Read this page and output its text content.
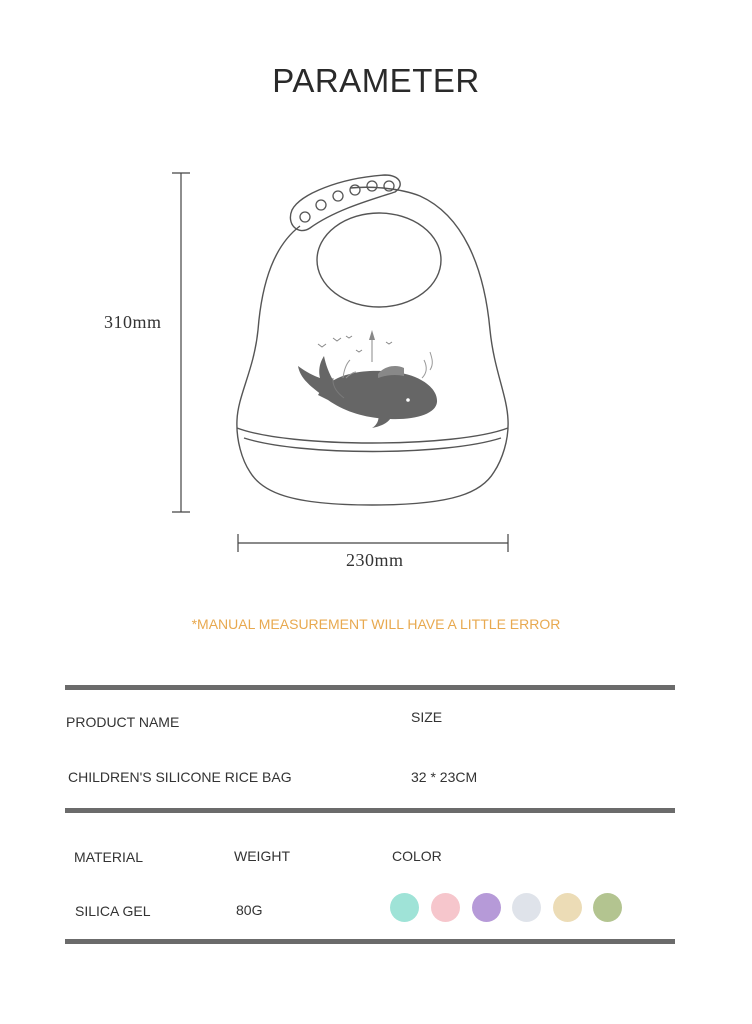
PARAMETER
310mm
230mm
*MANUAL MEASUREMENT WILL HAVE A LITTLE ERROR
PRODUCT NAME	SIZE
CHILDREN'S SILICONE RICE BAG	32 * 23CM
MATERIAL	WEIGHT	COLOR
SILICA GEL	80G
